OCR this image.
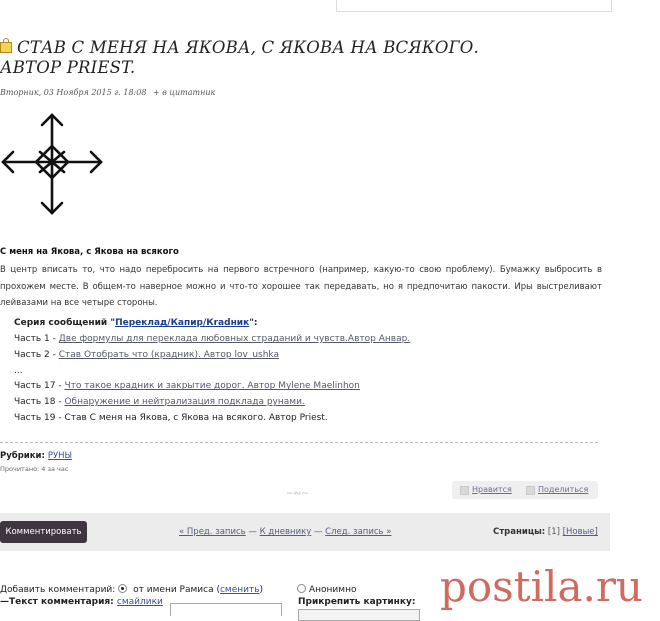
СТАВ С МЕНЯ НА ЯКОВА, С ЯКОВА НА ВСЯКОГО. АВТОР PRIEST.
Вторник, 03 Ноября 2015 г. 18:08 + в цитатник
С меня на Якова, с Якова на всякого
В центр вписать то, что надо перебросить на первого встречного (например, какую-то свою проблему). Бумажку выбросить в прохожем месте. В общем-то наверное можно и что-то хорошее так передавать, но я предпочитаю пакости. Иры выстреливают лейвазами на все четыре стороны.
Серия сообщений "Переклад/Капир/Кradник":
Часть 1 - Две формулы для переклада любовных страданий и чувств.Автор Анвар.
Часть 2 - Став Отобрать что (крадник). Автор lov_ushka
...
Часть 17 - Что такое крадник и закрытие дорог. Автор Mylene Maelinhon
Часть 18 - Обнаружение и нейтрализация подклада рунами.
Часть 19 - Став С меня на Якова, с Якова на всякого. Автор Priest.
Рубрики: РУНЫ
Прочитано: 4 за час
~∾~	Нравится	Поделиться
Комментировать	« Пред. запись — К дневнику — След. запись »	Страницы: [1] [Новые]
Добавить комментарий: от имени Рамиса (сменить)	Анонимно
—Текст комментария: смайлики	Прикрепить картинку: postila.ru
